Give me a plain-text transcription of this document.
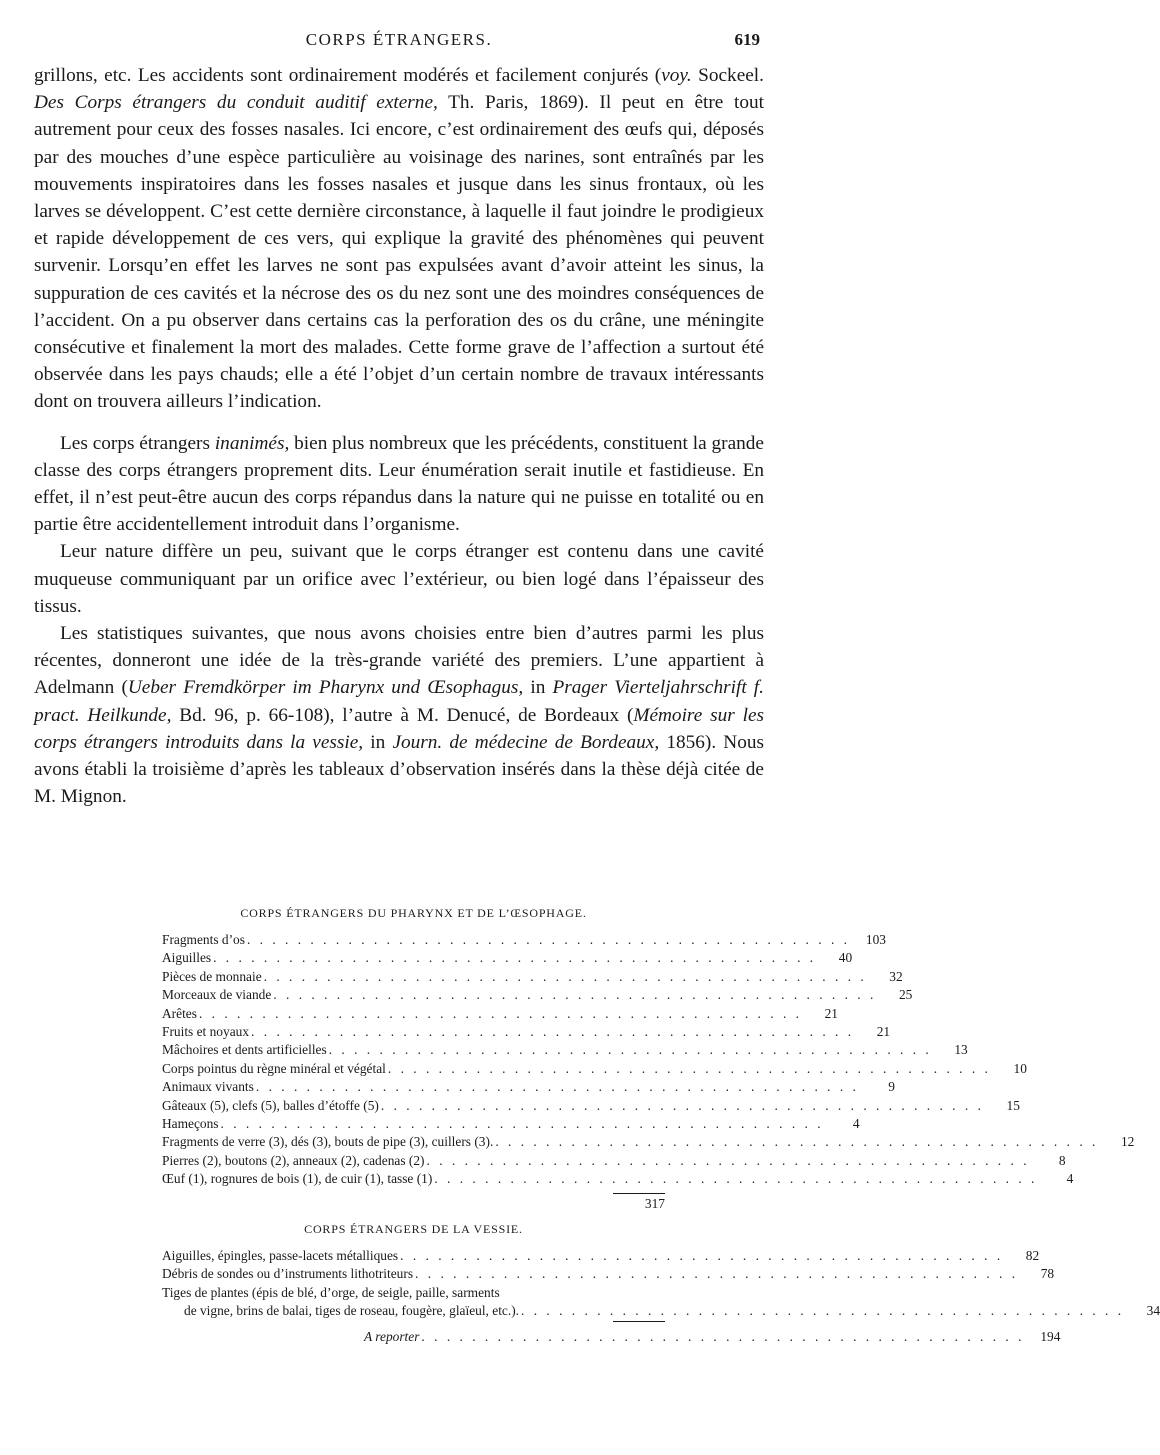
CORPS ÉTRANGERS.	619

grillons, etc. Les accidents sont ordinairement modérés et facilement conjurés (voy. Sockeel. Des Corps étrangers du conduit auditif externe, Th. Paris, 1869). Il peut en être tout autrement pour ceux des fosses nasales. Ici encore, c’est ordinairement des œufs qui, déposés par des mouches d’une espèce particulière au voisinage des narines, sont entraînés par les mouvements inspiratoires dans les fosses nasales et jusque dans les sinus frontaux, où les larves se développent. C’est cette dernière circonstance, à laquelle il faut joindre le prodigieux et rapide développement de ces vers, qui explique la gravité des phénomènes qui peuvent survenir. Lorsqu’en effet les larves ne sont pas expulsées avant d’avoir atteint les sinus, la suppuration de ces cavités et la nécrose des os du nez sont une des moindres conséquences de l’accident. On a pu observer dans certains cas la perforation des os du crâne, une méningite consécutive et finalement la mort des malades. Cette forme grave de l’affection a surtout été observée dans les pays chauds; elle a été l’objet d’un certain nombre de travaux intéressants dont on trouvera ailleurs l’indication.

Les corps étrangers inanimés, bien plus nombreux que les précédents, constituent la grande classe des corps étrangers proprement dits. Leur énumération serait inutile et fastidieuse. En effet, il n’est peut-être aucun des corps répandus dans la nature qui ne puisse en totalité ou en partie être accidentellement introduit dans l’organisme.

Leur nature diffère un peu, suivant que le corps étranger est contenu dans une cavité muqueuse communiquant par un orifice avec l’extérieur, ou bien logé dans l’épaisseur des tissus.

Les statistiques suivantes, que nous avons choisies entre bien d’autres parmi les plus récentes, donneront une idée de la très-grande variété des premiers. L’une appartient à Adelmann (Ueber Fremdkörper im Pharynx und Œsophagus, in Prager Vierteljahrschrift f. pract. Heilkunde, Bd. 96, p. 66-108), l’autre à M. Denucé, de Bordeaux (Mémoire sur les corps étrangers introduits dans la vessie, in Journ. de médecine de Bordeaux, 1856). Nous avons établi la troisième d’après les tableaux d’observation insérés dans la thèse déjà citée de M. Mignon.

CORPS ÉTRANGERS DU PHARYNX ET DE L’ŒSOPHAGE.
Fragments d’os . . .	103
Aiguilles . . .	40
Pièces de monnaie . . .	32
Morceaux de viande . . .	25
Arêtes . . .	21
Fruits et noyaux . . .	21
Mâchoires et dents artificielles . . .	13
Corps pointus du règne minéral et végétal . . .	10
Animaux vivants . . .	9
Gâteaux (5), clefs (5), balles d’étoffe (5) . . .	15
Hameçons . . .	4
Fragments de verre (3), dés (3), bouts de pipe (3), cuillers (3). . . .	12
Pierres (2), boutons (2), anneaux (2), cadenas (2) . . .	8
Œuf (1), rognures de bois (1), de cuir (1), tasse (1) . . .	4
317
CORPS ÉTRANGERS DE LA VESSIE.
Aiguilles, épingles, passe-lacets métalliques . . .	82
Débris de sondes ou d’instruments lithotriteurs . . .	78
Tiges de plantes (épis de blé, d’orge, de seigle, paille, sarments
de vigne, brins de balai, tiges de roseau, fougère, glaïeul, etc.). . . .	34
A reporter . . .	194
